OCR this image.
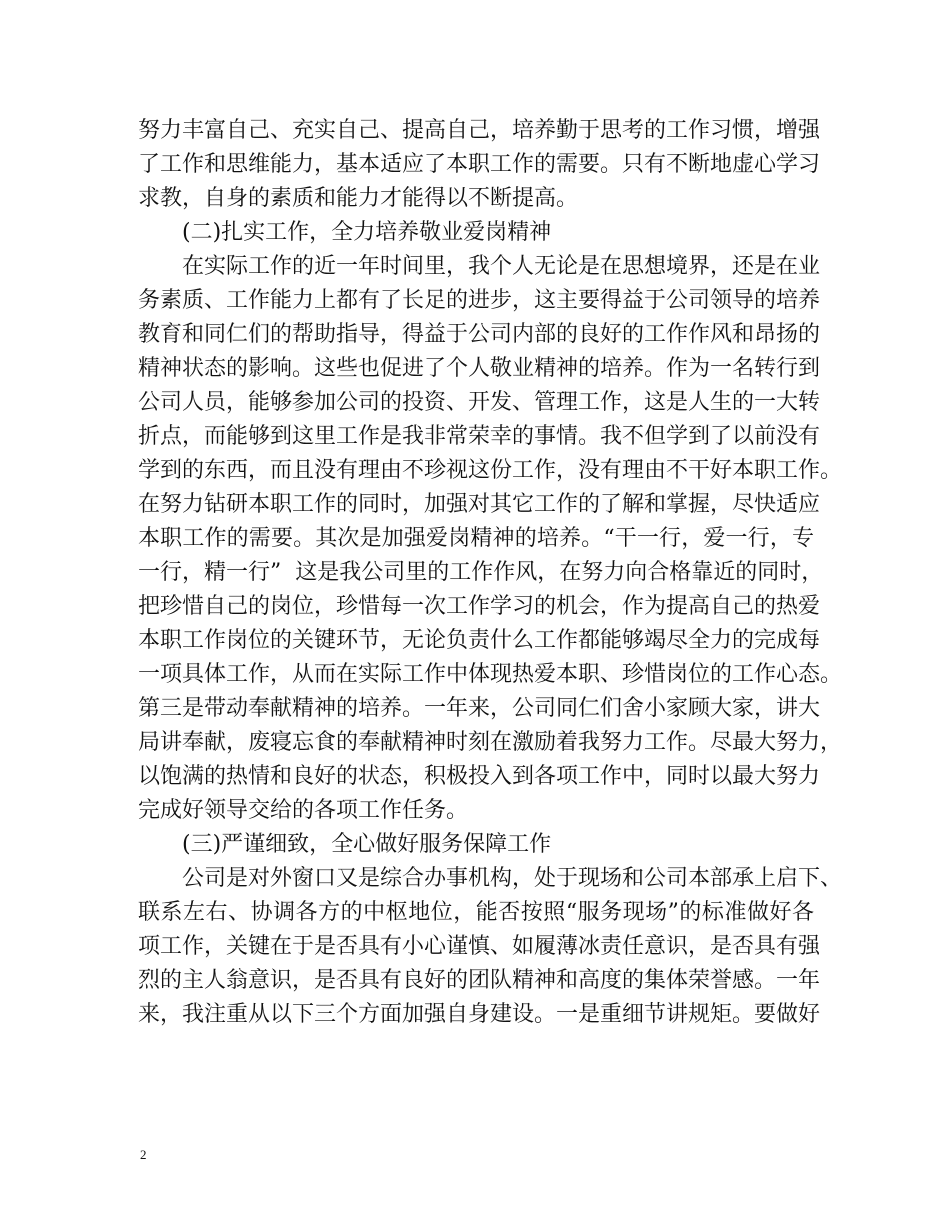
努力丰富自己、充实自己、提高自己，培养勤于思考的工作习惯，增强
了工作和思维能力，基本适应了本职工作的需要。只有不断地虚心学习
求教，自身的素质和能力才能得以不断提高。
(二)扎实工作，全力培养敬业爱岗精神
在实际工作的近一年时间里，我个人无论是在思想境界，还是在业
务素质、工作能力上都有了长足的进步，这主要得益于公司领导的培养
教育和同仁们的帮助指导，得益于公司内部的良好的工作作风和昂扬的
精神状态的影响。这些也促进了个人敬业精神的培养。作为一名转行到
公司人员，能够参加公司的投资、开发、管理工作，这是人生的一大转
折点，而能够到这里工作是我非常荣幸的事情。我不但学到了以前没有
学到的东西，而且没有理由不珍视这份工作，没有理由不干好本职工作。
在努力钻研本职工作的同时，加强对其它工作的了解和掌握，尽快适应
本职工作的需要。其次是加强爱岗精神的培养。“干一行，爱一行，专
一行，精一行”  这是我公司里的工作作风，在努力向合格靠近的同时，
把珍惜自己的岗位，珍惜每一次工作学习的机会，作为提高自己的热爱
本职工作岗位的关键环节，无论负责什么工作都能够竭尽全力的完成每
一项具体工作，从而在实际工作中体现热爱本职、珍惜岗位的工作心态。
第三是带动奉献精神的培养。一年来，公司同仁们舍小家顾大家，讲大
局讲奉献，废寝忘食的奉献精神时刻在激励着我努力工作。尽最大努力，
以饱满的热情和良好的状态，积极投入到各项工作中，同时以最大努力
完成好领导交给的各项工作任务。
(三)严谨细致，全心做好服务保障工作
公司是对外窗口又是综合办事机构，处于现场和公司本部承上启下、
联系左右、协调各方的中枢地位，能否按照“服务现场”的标准做好各
项工作，关键在于是否具有小心谨慎、如履薄冰责任意识，是否具有强
烈的主人翁意识，是否具有良好的团队精神和高度的集体荣誉感。一年
来，我注重从以下三个方面加强自身建设。一是重细节讲规矩。要做好
2
